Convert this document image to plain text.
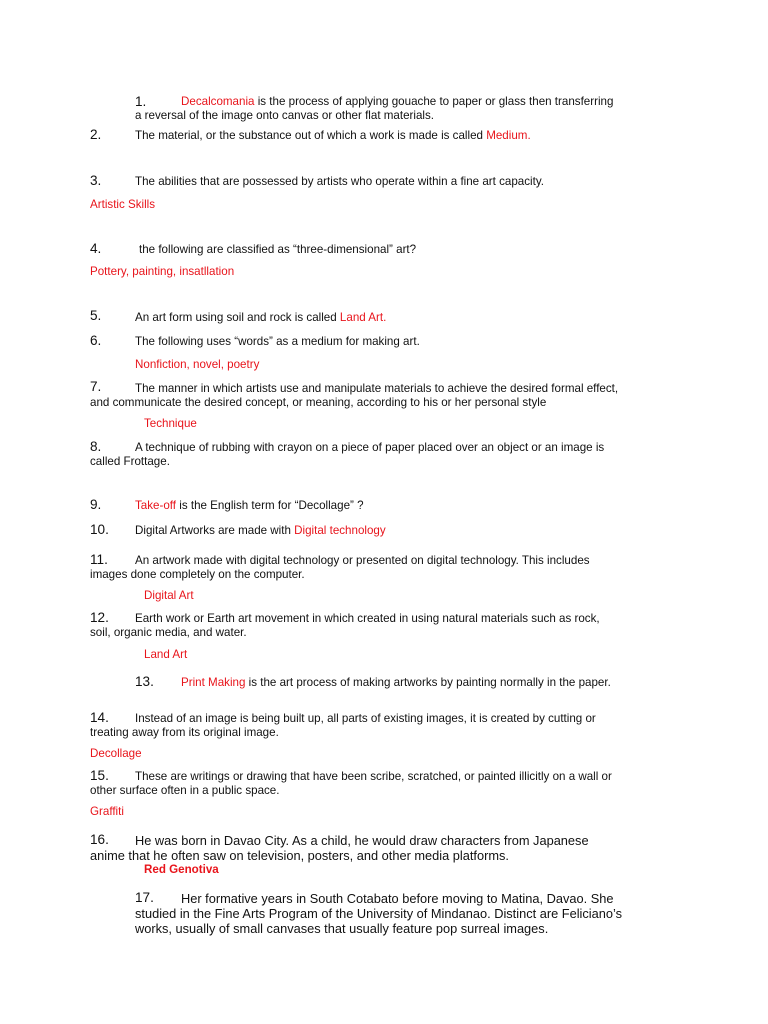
1.	Decalcomania is the process of applying gouache to paper or glass then transferring
a reversal of the image onto canvas or other flat materials.
2.	The material, or the substance out of which a work is made is called Medium.
3.	The abilities that are possessed by artists who operate within a fine art capacity.
Artistic Skills
4.	the following are classified as “three-dimensional” art?
Pottery, painting, insatllation
5.	An art form using soil and rock is called Land Art.
6.	The following uses “words” as a medium for making art.
Nonfiction, novel, poetry
7.	The manner in which artists use and manipulate materials to achieve the desired formal effect,
and communicate the desired concept, or meaning, according to his or her personal style
Technique
8.	A technique of rubbing with crayon on a piece of paper placed over an object or an image is
called Frottage.
9.	Take-off is the English term for “Decollage” ?
10. Digital Artworks are made with Digital technology
11. An artwork made with digital technology or presented on digital technology. This includes
images done completely on the computer.
Digital Art
12. Earth work or Earth art movement in which created in using natural materials such as rock,
soil, organic media, and water.
Land Art
13. Print Making is the art process of making artworks by painting normally in the paper.
14. Instead of an image is being built up, all parts of existing images, it is created by cutting or
treating away from its original image.
Decollage
15. These are writings or drawing that have been scribe, scratched, or painted illicitly on a wall or
other surface often in a public space.
Graffiti
16. He was born in Davao City. As a child, he would draw characters from Japanese
anime that he often saw on television, posters, and other media platforms.
Red Genotiva
17. Her formative years in South Cotabato before moving to Matina, Davao. She
studied in the Fine Arts Program of the University of Mindanao. Distinct are Feliciano’s
works, usually of small canvases that usually feature pop surreal images.
